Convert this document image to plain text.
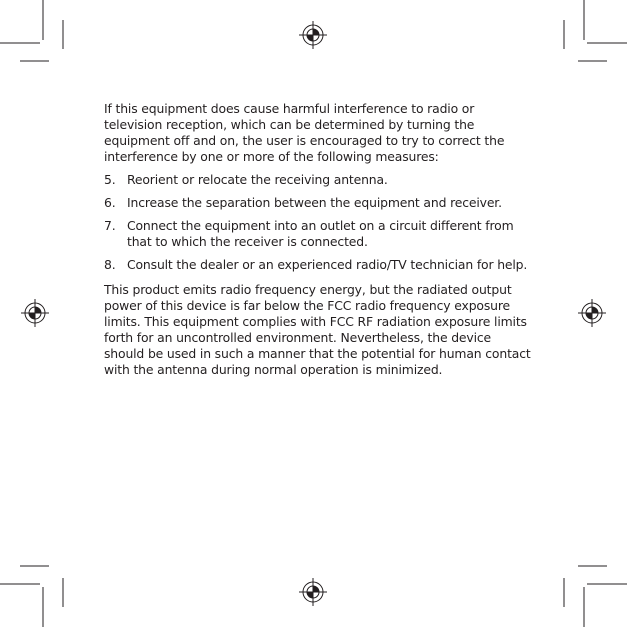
If this equipment does cause harmful interference to radio or television reception, which can be determined by turning the equipment off and on, the user is encouraged to try to correct the interference by one or more of the following measures:

5. Reorient or relocate the receiving antenna.
6. Increase the separation between the equipment and receiver.
7. Connect the equipment into an outlet on a circuit different from that to which the receiver is connected.
8. Consult the dealer or an experienced radio/TV technician for help.

This product emits radio frequency energy, but the radiated output power of this device is far below the FCC radio frequency exposure limits. This equipment complies with FCC RF radiation exposure limits forth for an uncontrolled environment. Nevertheless, the device should be used in such a manner that the potential for human contact with the antenna during normal operation is minimized.
